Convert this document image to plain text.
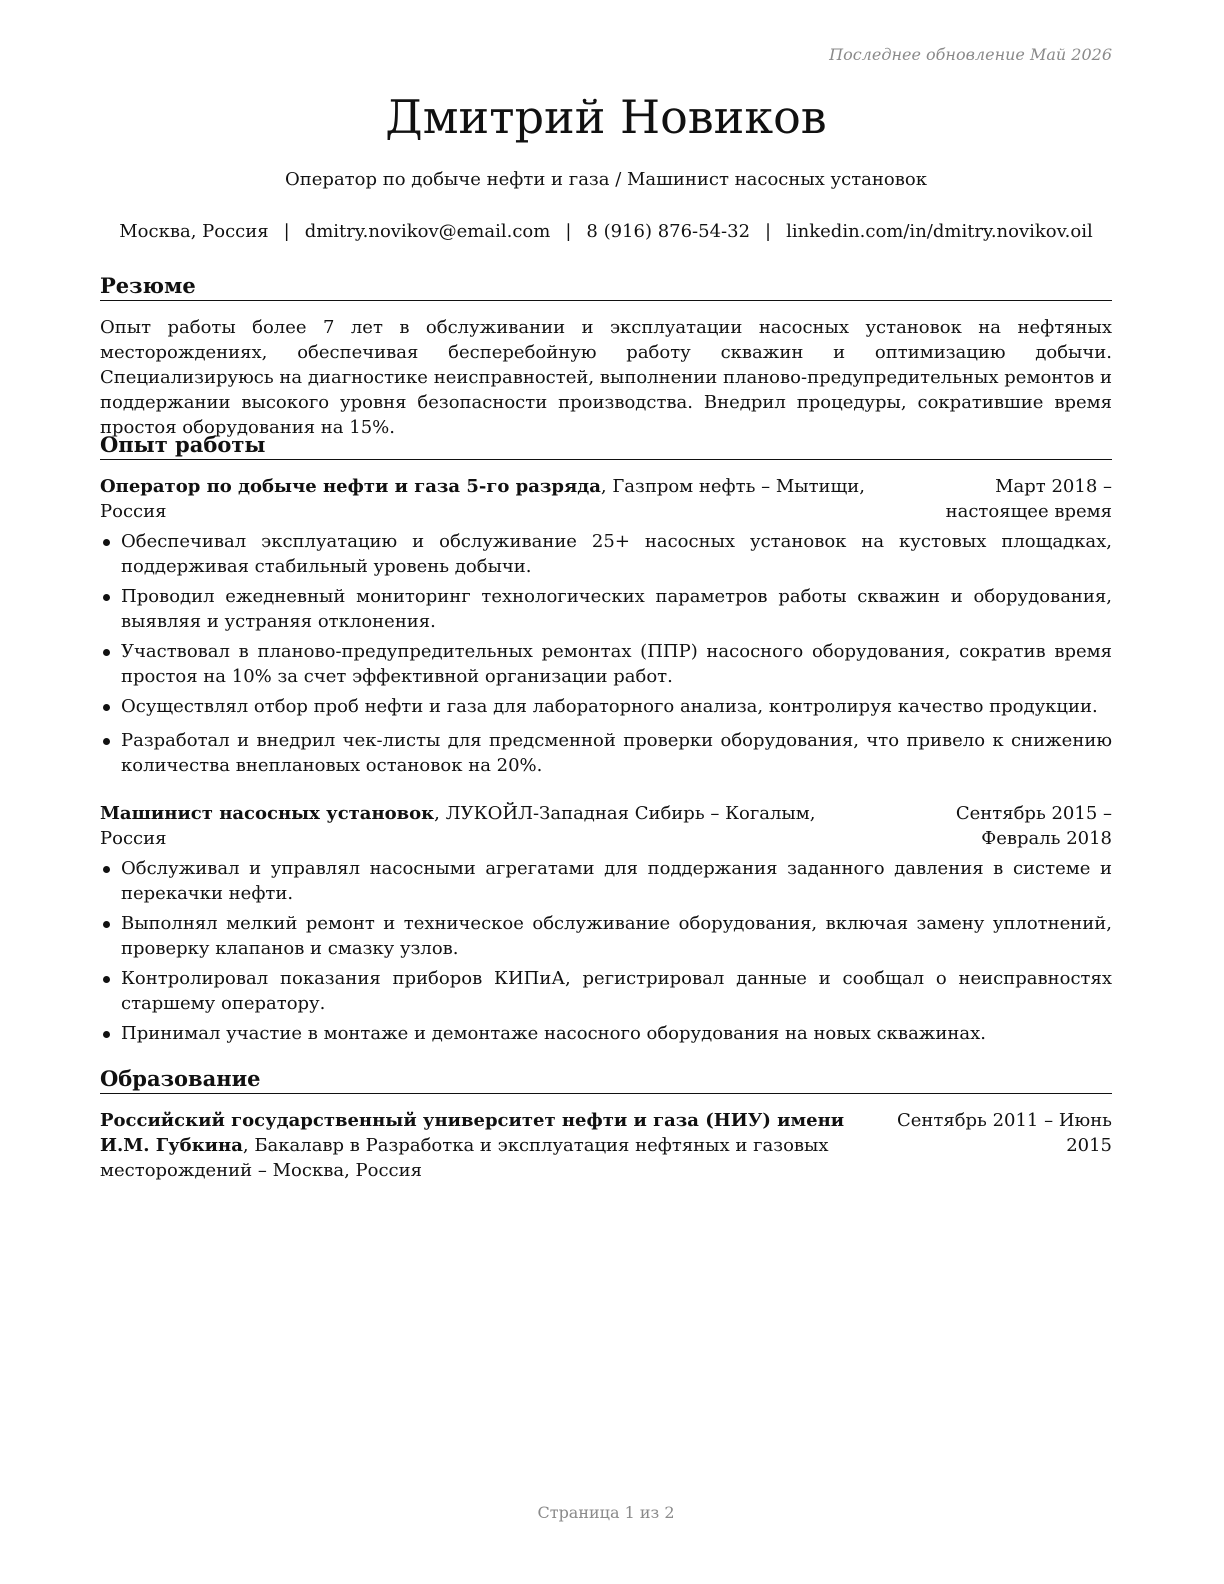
Последнее обновление Май 2026
Дмитрий Новиков
Оператор по добыче нефти и газа / Машинист насосных установок
Москва, Россия | dmitry.novikov@email.com | 8 (916) 876-54-32 | linkedin.com/in/dmitry.novikov.oil
Резюме
Опыт работы более 7 лет в обслуживании и эксплуатации насосных установок на нефтяных месторождениях, обеспечивая бесперебойную работу скважин и оптимизацию добычи. Специализируюсь на диагностике неисправностей, выполнении планово-предупредительных ремонтов и поддержании высокого уровня безопасности производства. Внедрил процедуры, сократившие время простоя оборудования на 15%.
Опыт работы
Март 2018 – настоящее время
Оператор по добыче нефти и газа 5-го разряда, Газпром нефть – Мытищи, Россия
Обеспечивал эксплуатацию и обслуживание 25+ насосных установок на кустовых площадках, поддерживая стабильный уровень добычи.
Проводил ежедневный мониторинг технологических параметров работы скважин и оборудования, выявляя и устраняя отклонения.
Участвовал в планово-предупредительных ремонтах (ППР) насосного оборудования, сократив время простоя на 10% за счет эффективной организации работ.
Осуществлял отбор проб нефти и газа для лабораторного анализа, контролируя качество продукции.
Разработал и внедрил чек-листы для предсменной проверки оборудования, что привело к снижению количества внеплановых остановок на 20%.
Сентябрь 2015 – Февраль 2018
Машинист насосных установок, ЛУКОЙЛ-Западная Сибирь – Когалым, Россия
Обслуживал и управлял насосными агрегатами для поддержания заданного давления в системе и перекачки нефти.
Выполнял мелкий ремонт и техническое обслуживание оборудования, включая замену уплотнений, проверку клапанов и смазку узлов.
Контролировал показания приборов КИПиА, регистрировал данные и сообщал о неисправностях старшему оператору.
Принимал участие в монтаже и демонтаже насосного оборудования на новых скважинах.
Образование
Сентябрь 2011 – Июнь 2015
Российский государственный университет нефти и газа (НИУ) имени И.М. Губкина, Бакалавр в Разработка и эксплуатация нефтяных и газовых месторождений – Москва, Россия
Страница 1 из 2
